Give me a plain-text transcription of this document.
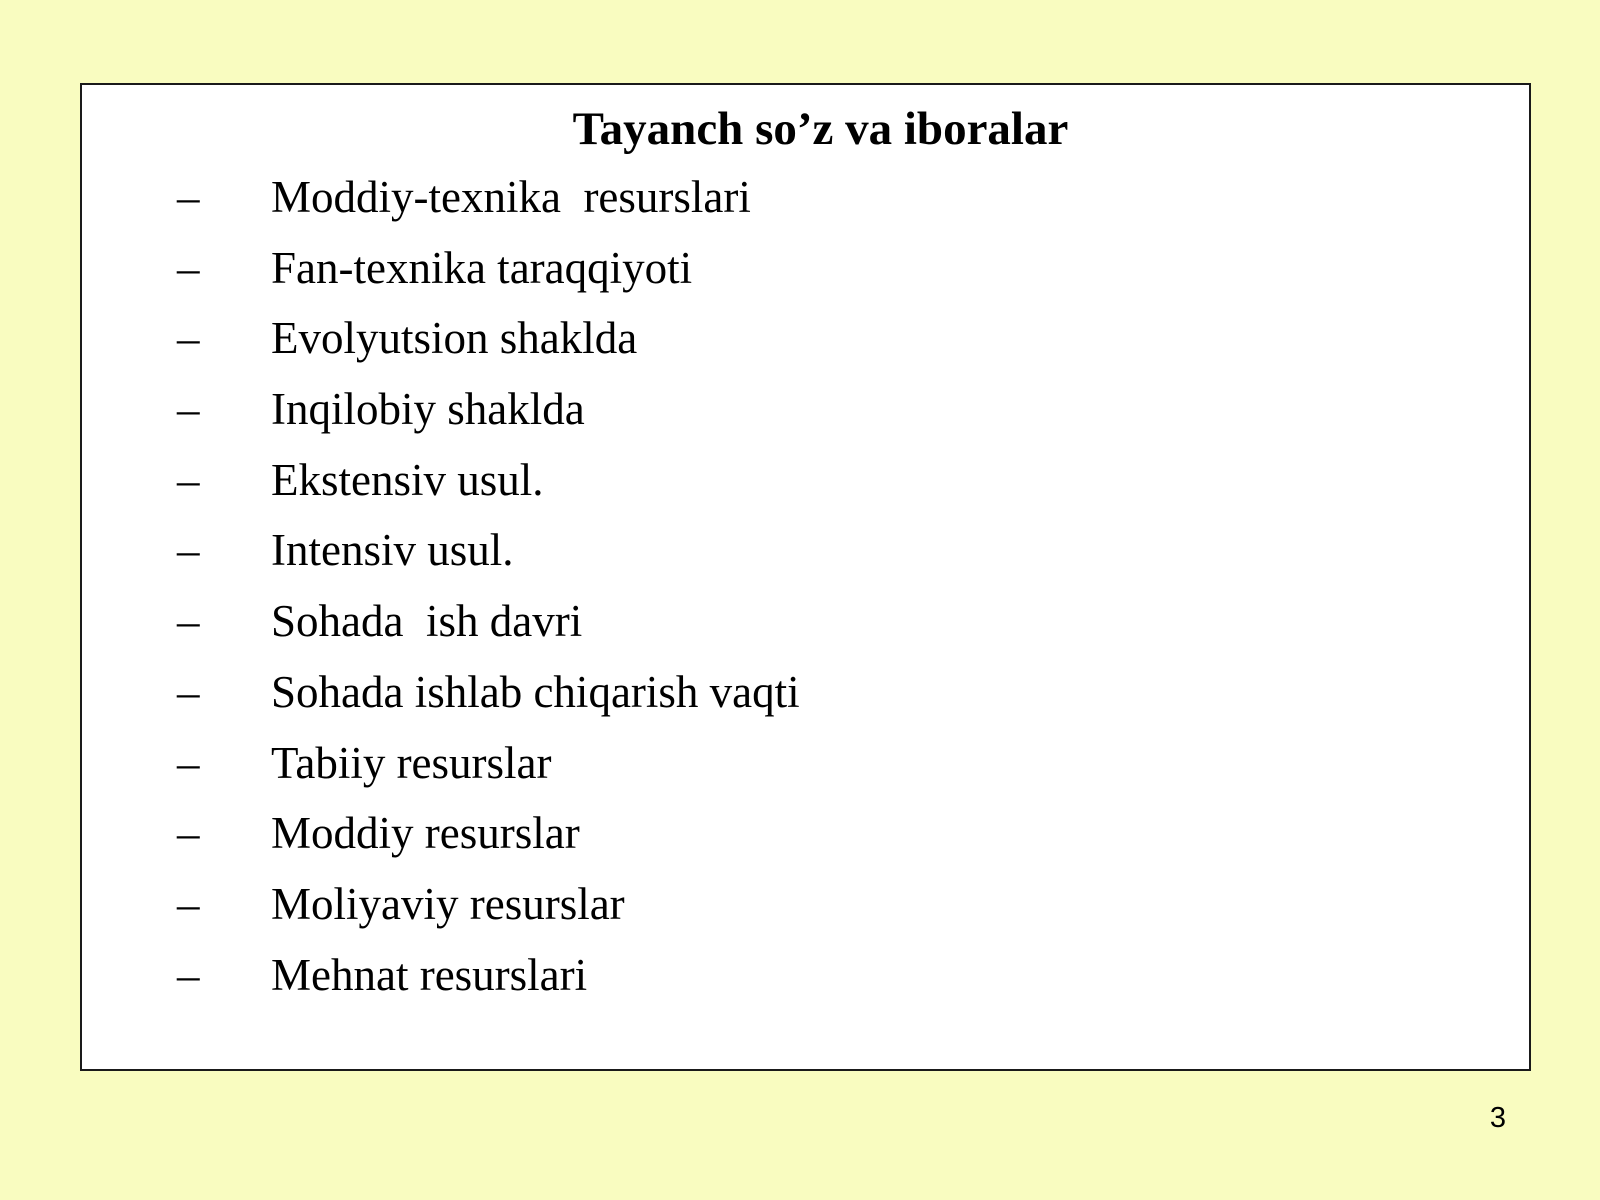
Tayanch so’z va iboralar
– Moddiy-texnika  resurslari
– Fan-texnika taraqqiyoti
– Evolyutsion shaklda
– Inqilobiy shaklda
– Ekstensiv usul.
– Intensiv usul.
– Sohada  ish davri
– Sohada ishlab chiqarish vaqti
– Tabiiy resurslar
– Moddiy resurslar
– Moliyaviy resurslar
– Mehnat resurslari
3
